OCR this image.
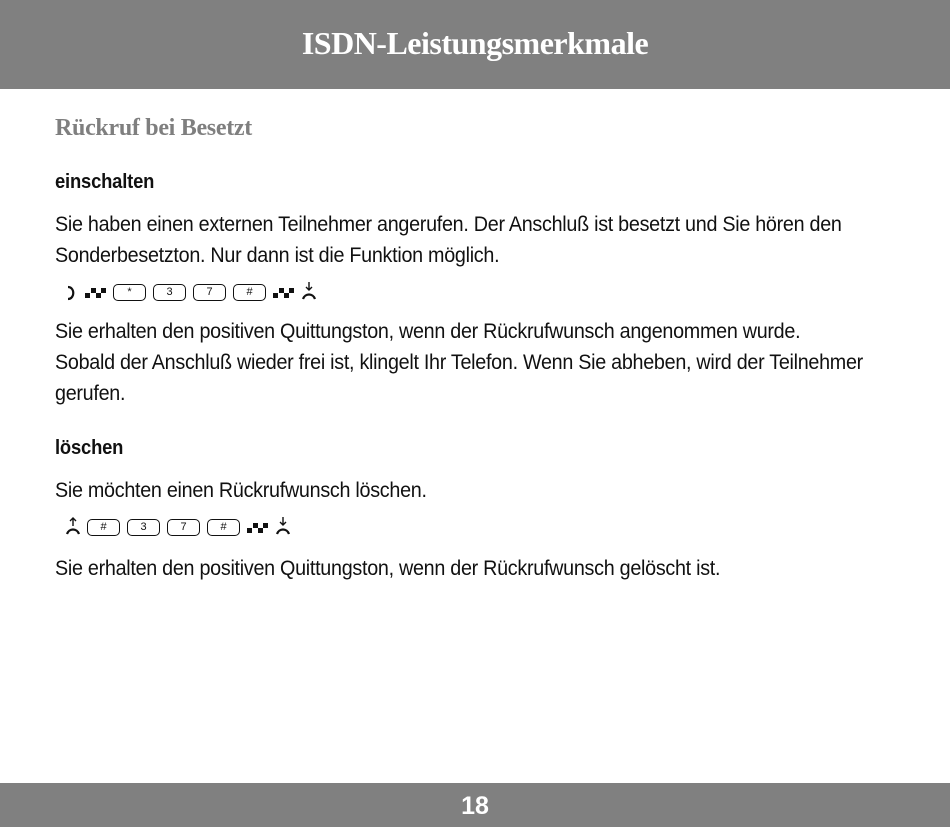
ISDN-Leistungsmerkmale
Rückruf bei Besetzt
einschalten

Sie haben einen externen Teilnehmer angerufen. Der Anschluß ist besetzt und Sie hören den Sonderbesetzton. Nur dann ist die Funktion möglich.

*	3	7	#

Sie erhalten den positiven Quittungston, wenn der Rückrufwunsch angenommen wurde. Sobald der Anschluß wieder frei ist, klingelt Ihr Telefon. Wenn Sie abheben, wird der Teilnehmer gerufen.

löschen

Sie möchten einen Rückrufwunsch löschen.

#	3	7	#

Sie erhalten den positiven Quittungston, wenn der Rückrufwunsch gelöscht ist.

18
